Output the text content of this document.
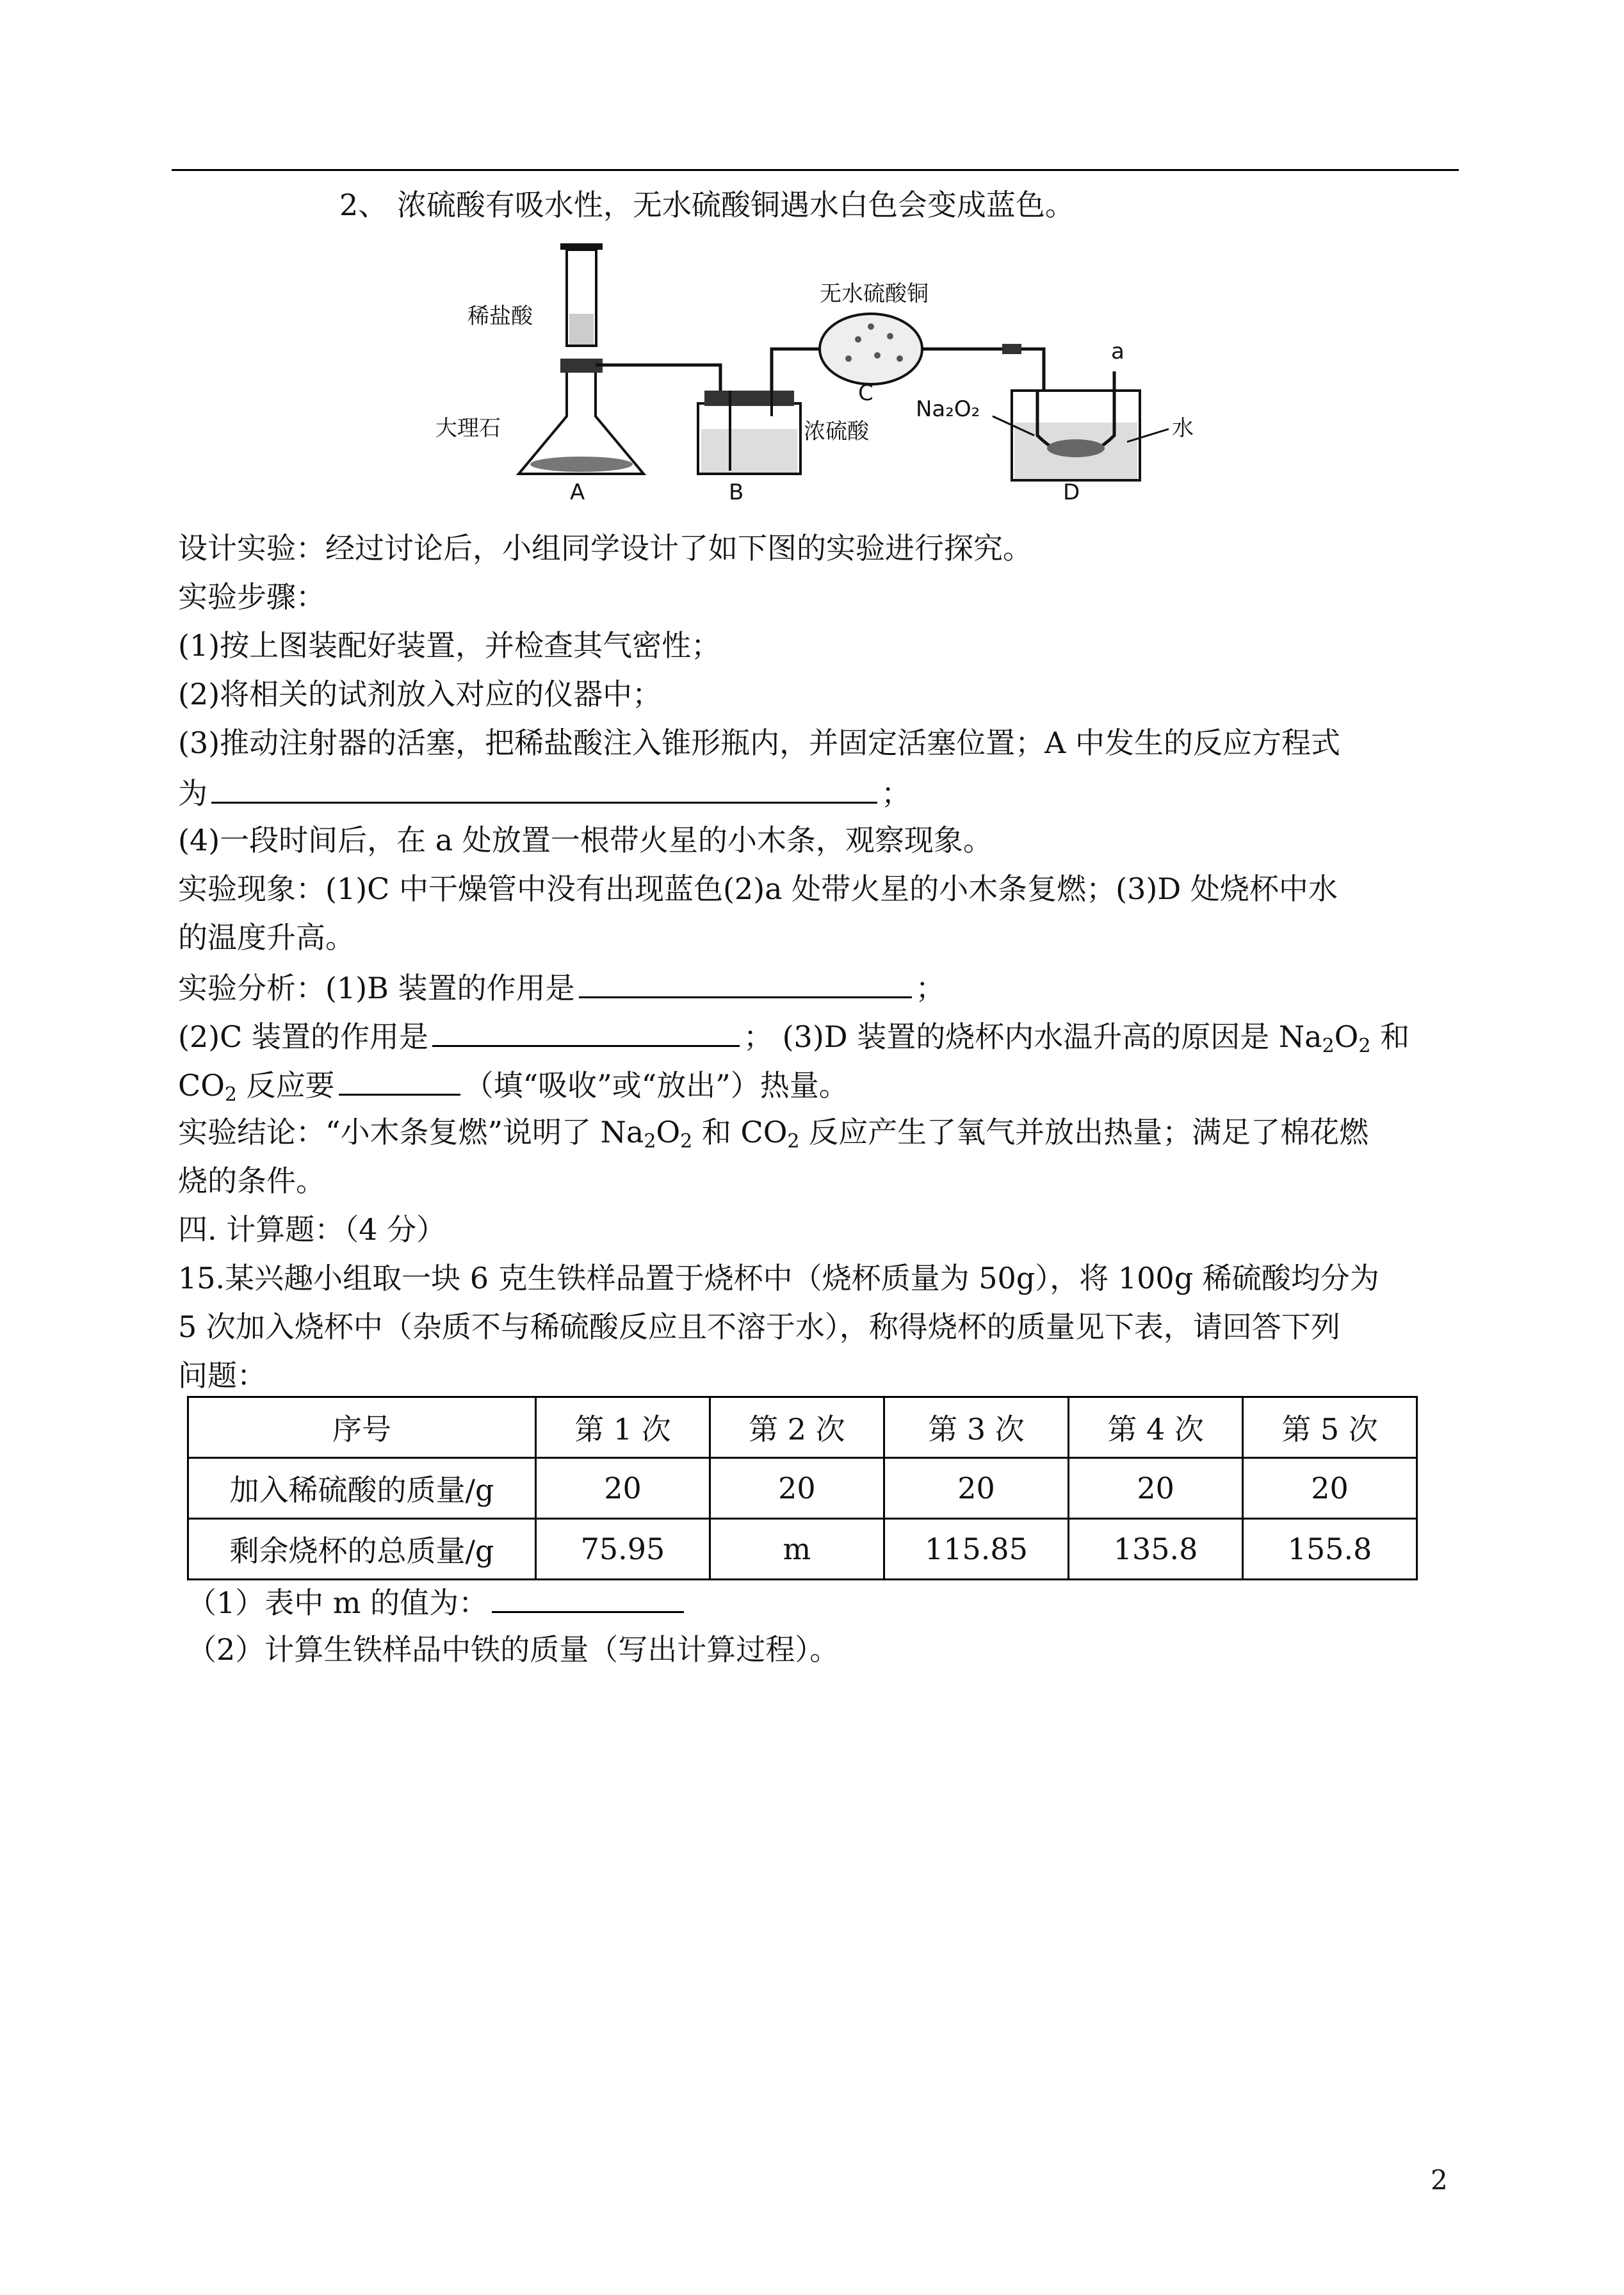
2、 浓硫酸有吸水性，无水硫酸铜遇水白色会变成蓝色。
稀盐酸
大理石	浓硫酸
无水硫酸铜
Na₂O₂
水
a
A	B
C
D
设计实验：经过讨论后，小组同学设计了如下图的实验进行探究。
实验步骤：
(1)按上图装配好装置，并检查其气密性；
(2)将相关的试剂放入对应的仪器中；
(3)推动注射器的活塞，把稀盐酸注入锥形瓶内，并固定活塞位置；A 中发生的反应方程式
为	；
(4)一段时间后，在 a 处放置一根带火星的小木条，观察现象。
实验现象：(1)C 中干燥管中没有出现蓝色(2)a 处带火星的小木条复燃；(3)D 处烧杯中水
的温度升高。
实验分析：(1)B 装置的作用是	；
(2)C 装置的作用是	； (3)D 装置的烧杯内水温升高的原因是 $Na_2O_2$ 和
$CO_2$ 反应要	（填“吸收”或“放出”）热量。
实验结论：“小木条复燃”说明了 $Na_2O_2$ 和 $CO_2$ 反应产生了氧气并放出热量；满足了棉花燃
烧的条件。
四. 计算题：（4 分）
15.某兴趣小组取一块 6 克生铁样品置于烧杯中（烧杯质量为 50g），将 100g 稀硫酸均分为
5 次加入烧杯中（杂质不与稀硫酸反应且不溶于水），称得烧杯的质量见下表，请回答下列
问题：
序号	第 1 次	第 2 次	第 3 次	第 4 次	第 5 次
加入稀硫酸的质量/g	20	20	20	20	20
剩余烧杯的总质量/g	75.95	m	115.85	135.8	155.8
（1）表中 m 的值为：
（2）计算生铁样品中铁的质量（写出计算过程）。
2
